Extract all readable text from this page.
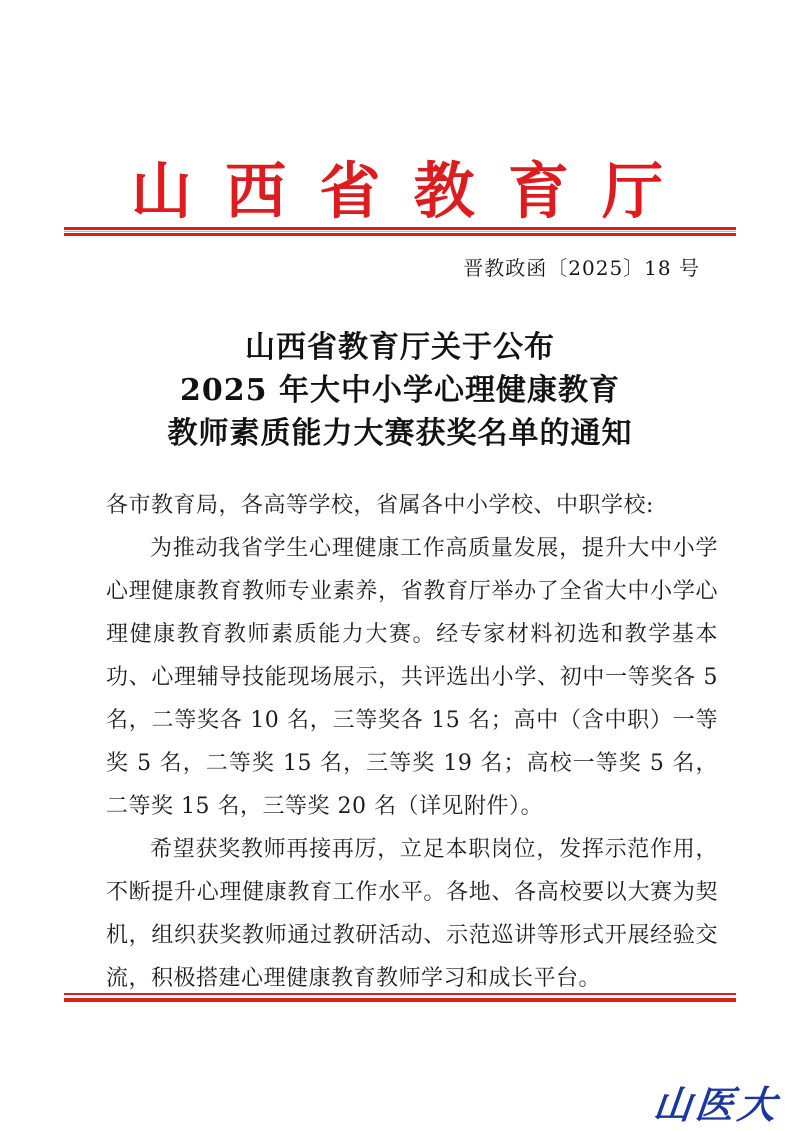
山 西 省 教 育 厅
晋教政函〔2025〕18 号
山西省教育厅关于公布
2025 年大中小学心理健康教育
教师素质能力大赛获奖名单的通知

各市教育局，各高等学校，省属各中小学校、中职学校:

为推动我省学生心理健康工作高质量发展，提升大中小学心理健康教育教师专业素养，省教育厅举办了全省大中小学心理健康教育教师素质能力大赛。经专家材料初选和教学基本功、心理辅导技能现场展示，共评选出小学、初中一等奖各 5 名，二等奖各 10 名，三等奖各 15 名；高中（含中职）一等奖 5 名，二等奖 15 名，三等奖 19 名；高校一等奖 5 名，二等奖 15 名，三等奖 20 名（详见附件）。

希望获奖教师再接再厉，立足本职岗位，发挥示范作用，不断提升心理健康教育工作水平。各地、各高校要以大赛为契机，组织获奖教师通过教研活动、示范巡讲等形式开展经验交流，积极搭建心理健康教育教师学习和成长平台。

山医大
